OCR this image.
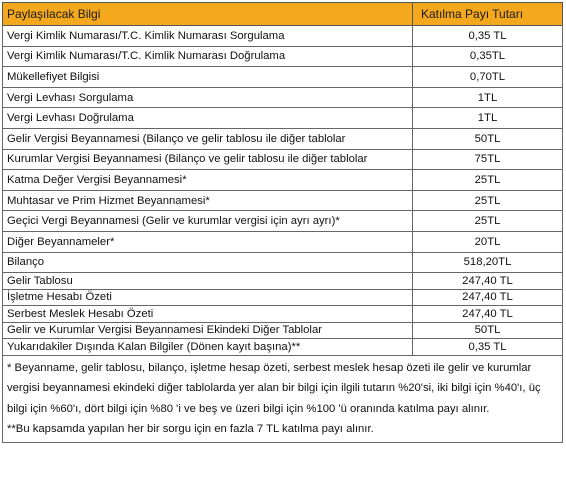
Paylaşılacak Bilgi	Katılma Payı Tutarı
Vergi Kimlik Numarası/T.C. Kimlik Numarası Sorgulama	0,35 TL
Vergi Kimlik Numarası/T.C. Kimlik Numarası Doğrulama	0,35TL
Mükellefiyet Bilgisi	0,70TL
Vergi Levhası Sorgulama	1TL
Vergi Levhası Doğrulama	1TL
Gelir Vergisi Beyannamesi (Bilanço ve gelir tablosu ile diğer tablolar	50TL
Kurumlar Vergisi Beyannamesi (Bilanço ve gelir tablosu ile diğer tablolar	75TL
Katma Değer Vergisi Beyannamesi*	25TL
Muhtasar ve Prim Hizmet Beyannamesi*	25TL
Geçici Vergi Beyannamesi (Gelir ve kurumlar vergisi için ayrı ayrı)*	25TL
Diğer Beyannameler*	20TL
Bilanço	518,20TL
Gelir Tablosu	247,40 TL
İşletme Hesabı Özeti	247,40 TL
Serbest Meslek Hesabı Özeti	247,40 TL
Gelir ve Kurumlar Vergisi Beyannamesi Ekindeki Diğer Tablolar	50TL
Yukarıdakiler Dışında Kalan Bilgiler (Dönen kayıt başına)**	0,35 TL

* Beyanname, gelir tablosu, bilanço, işletme hesap özeti, serbest meslek hesap özeti ile gelir ve kurumlar vergisi beyannamesi ekindeki diğer tablolarda yer alan bir bilgi için ilgili tutarın %20'si, iki bilgi için %40'ı, üç bilgi için %60'ı, dört bilgi için %80 'i ve beş ve üzeri bilgi için %100 'ü oranında katılma payı alınır.
**Bu kapsamda yapılan her bir sorgu için en fazla 7 TL katılma payı alınır.	
